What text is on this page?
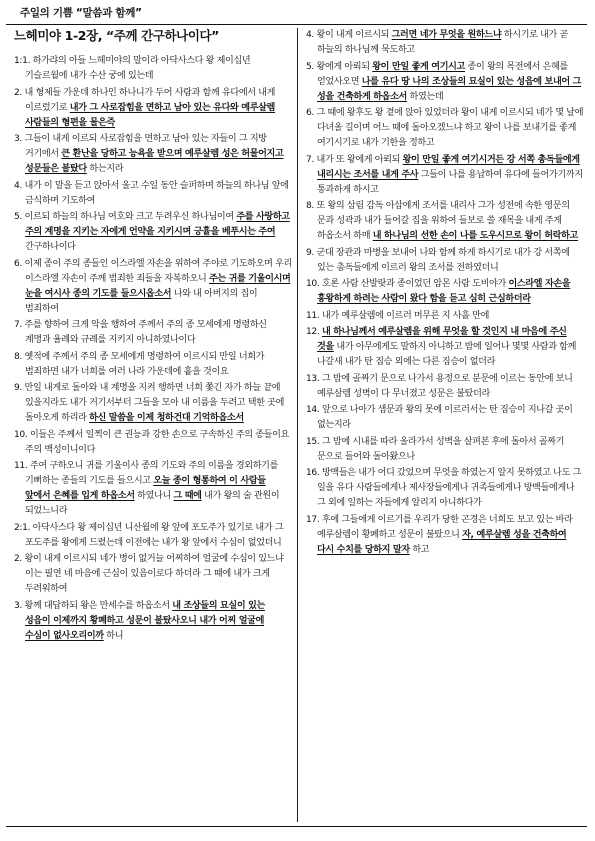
주일의 기쁨 “말씀과 함께”
느헤미야 1-2장, “주께 간구하나이다”

1:1. 하가랴의 아들 느헤미야의 말이라 아닥사스다 왕 제이십년 기슬르월에 내가 수산 궁에 있는데

2. 내 형제들 가운데 하나인 하나니가 두어 사람과 함께 유다에서 내게 이르렀기로 내가 그 사로잡힘을 면하고 남아 있는 유다와 예루살렘 사람들의 형편을 물은즉

3. 그들이 내게 이르되 사로잡힘을 면하고 남아 있는 자들이 그 지방 거기에서 큰 환난을 당하고 능욕을 받으며 예루살렘 성은 허물어지고 성문들은 불탔다 하는지라

4. 내가 이 말을 듣고 앉아서 울고 수일 동안 슬퍼하며 하늘의 하나님 앞에 금식하며 기도하여

5. 이르되 하늘의 하나님 여호와 크고 두려우신 하나님이여 주를 사랑하고 주의 계명을 지키는 자에게 언약을 지키시며 긍휼을 베푸시는 주여 간구하나이다

6. 이제 종이 주의 종들인 이스라엘 자손을 위하여 주야로 기도하오며 우리 이스라엘 자손이 주께 범죄한 죄들을 자복하오니 주는 귀를 기울이시며 눈을 여시사 종의 기도를 들으시옵소서 나와 내 아버지의 집이 범죄하여

7. 주를 향하여 크게 악을 행하여 주께서 주의 종 모세에게 명령하신 계명과 율례와 규례를 지키지 아니하였나이다

8. 옛적에 주께서 주의 종 모세에게 명령하여 이르시되 만일 너희가 범죄하면 내가 너희를 여러 나라 가운데에 흩을 것이요

9. 만일 내게로 돌아와 내 계명을 지켜 행하면 너희 쫓긴 자가 하늘 끝에 있을지라도 내가 거기서부터 그들을 모아 내 이름을 두려고 택한 곳에 돌아오게 하리라 하신 말씀을 이제 청하건대 기억하옵소서

10. 이들은 주께서 일찍이 큰 권능과 강한 손으로 구속하신 주의 종들이요 주의 백성이니이다

11. 주여 구하오니 귀를 기울이사 종의 기도와 주의 이름을 경외하기를 기뻐하는 종들의 기도를 들으시고 오늘 종이 형통하여 이 사람들 앞에서 은혜를 입게 하옵소서 하였나니 그 때에 내가 왕의 술 관원이 되었느니라

2:1. 아닥사스다 왕 제이십년 니산월에 왕 앞에 포도주가 있기로 내가 그 포도주를 왕에게 드렸는데 이전에는 내가 왕 앞에서 수심이 없었더니

2. 왕이 내게 이르시되 네가 병이 없거늘 어찌하여 얼굴에 수심이 있느냐 이는 필연 네 마음에 근심이 있음이로다 하더라 그 때에 내가 크게 두려워하여

3. 왕께 대답하되 왕은 만세수를 하옵소서 내 조상들의 묘실이 있는 성읍이 이제까지 황폐하고 성문이 불탔사오니 내가 어찌 얼굴에 수심이 없사오리이까 하니

4. 왕이 내게 이르시되 그러면 네가 무엇을 원하느냐 하시기로 내가 곧 하늘의 하나님께 묵도하고

5. 왕에게 아뢰되 왕이 만일 좋게 여기시고 종이 왕의 목전에서 은혜를 얻었사오면 나를 유다 땅 나의 조상들의 묘실이 있는 성읍에 보내어 그 성을 건축하게 하옵소서 하였는데

6. 그 때에 왕후도 왕 곁에 앉아 있었더라 왕이 내게 이르시되 네가 몇 날에 다녀올 길이며 어느 때에 돌아오겠느냐 하고 왕이 나를 보내기를 좋게 여기시기로 내가 기한을 정하고

7. 내가 또 왕에게 아뢰되 왕이 만일 좋게 여기시거든 강 서쪽 총독들에게 내리시는 조서를 내게 주사 그들이 나를 용납하여 유다에 들어가기까지 통과하게 하시고

8. 또 왕의 삼림 감독 아삽에게 조서를 내리사 그가 성전에 속한 영문의 문과 성곽과 내가 들어갈 집을 위하여 들보로 쓸 재목을 내게 주게 하옵소서 하매 내 하나님의 선한 손이 나를 도우시므로 왕이 허락하고

9. 군대 장관과 마병을 보내어 나와 함께 하게 하시기로 내가 강 서쪽에 있는 총독들에게 이르러 왕의 조서를 전하였더니

10. 호론 사람 산발랏과 종이었던 암몬 사람 도비야가 이스라엘 자손을 흥왕하게 하려는 사람이 왔다 함을 듣고 심히 근심하더라

11. 내가 예루살렘에 이르러 머무른 지 사흘 만에

12. 내 하나님께서 예루살렘을 위해 무엇을 할 것인지 내 마음에 주신 것을 내가 아무에게도 말하지 아니하고 밤에 일어나 몇몇 사람과 함께 나갈새 내가 탄 짐승 외에는 다른 짐승이 없더라

13. 그 밤에 골짜기 문으로 나가서 용정으로 분문에 이르는 동안에 보니 예루살렘 성벽이 다 무너졌고 성문은 불탔더라

14. 앞으로 나아가 샘문과 왕의 못에 이르러서는 탄 짐승이 지나갈 곳이 없는지라

15. 그 밤에 시내를 따라 올라가서 성벽을 살펴본 후에 돌아서 골짜기 문으로 들어와 돌아왔으나

16. 방백들은 내가 어디 갔었으며 무엇을 하였는지 알지 못하였고 나도 그 일을 유다 사람들에게나 제사장들에게나 귀족들에게나 방백들에게나 그 외에 일하는 자들에게 알리지 아니하다가

17. 후에 그들에게 이르기를 우리가 당한 곤경은 너희도 보고 있는 바라 예루살렘이 황폐하고 성문이 불탔으니 자, 예루살렘 성을 건축하여 다시 수치를 당하지 말자 하고
